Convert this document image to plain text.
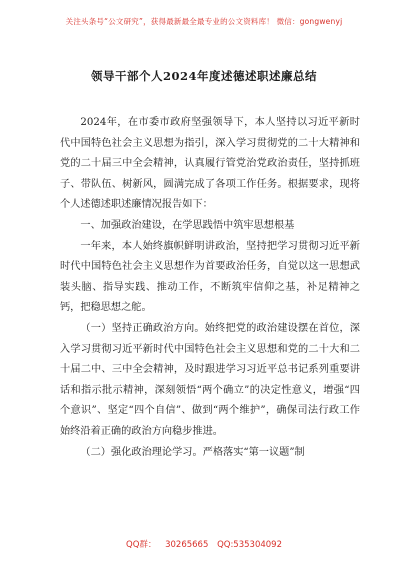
关注头条号“公文研究”，获得最新最全最专业的公文资料库！ 微信：gongwenyj
领导干部个人2024年度述德述职述廉总结

2024年，在市委市政府坚强领导下，本人坚持以习近平新时代中国特色社会主义思想为指引，深入学习贯彻党的二十大精神和党的二十届三中全会精神，认真履行管党治党政治责任，坚持抓班子、带队伍、树新风，圆满完成了各项工作任务。根据要求，现将个人述德述职述廉情况报告如下：

一、加强政治建设，在学思践悟中筑牢思想根基

一年来，本人始终旗帜鲜明讲政治，坚持把学习贯彻习近平新时代中国特色社会主义思想作为首要政治任务，自觉以这一思想武装头脑、指导实践、推动工作，不断筑牢信仰之基，补足精神之钙，把稳思想之舵。

（一）坚持正确政治方向。始终把党的政治建设摆在首位，深入学习贯彻习近平新时代中国特色社会主义思想和党的二十大和二十届二中、三中全会精神，及时跟进学习习近平总书记系列重要讲话和指示批示精神，深刻领悟“两个确立”的决定性意义，增强“四个意识”、坚定“四个自信”、做到“两个维护”，确保司法行政工作始终沿着正确的政治方向稳步推进。

（二）强化政治理论学习。严格落实“第一议题”制

QQ群： 30265665 QQ:535304092
